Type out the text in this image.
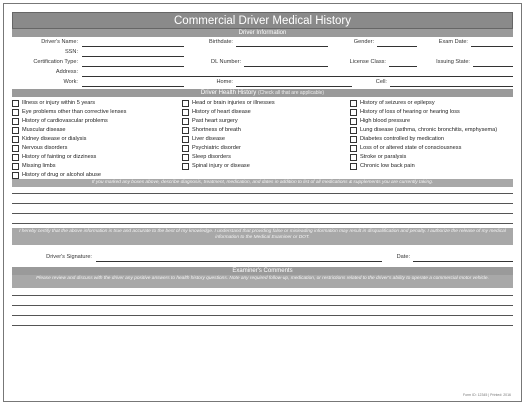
Commercial Driver Medical History
Driver Information
Driver's Name:	Birthdate:	Gender:	Exam Date:
SSN:
Certification Type:	DL Number:	License Class:	Issuing State:
Address:
Work:	Home:	Cell:
Driver Health History (Check all that are applicable)
Illness or injury within 5 years
Eye problems other than corrective lenses
History of cardiovascular problems
Muscular disease
Kidney disease or dialysis
Nervous disorders
History of fainting or dizziness
Missing limbs
History of drug or alcohol abuse
Head or brain injuries or illnesses
History of heart disease
Past heart surgery
Shortness of breath
Liver disease
Psychiatric disorder
Sleep disorders
Spinal injury or disease
History of seizures or epilepsy
History of loss of hearing or hearing loss
High blood pressure
Lung disease (asthma, chronic bronchitis, emphysema)
Diabetes controlled by medication
Loss of or altered state of consciousness
Stroke or paralysis
Chronic low back pain
If you marked any boxes above, describe diagnosis, treatment, medication, and dates in addition to list of all medications & supplements you are currently taking.
I hereby certify that the above information is true and accurate to the best of my knowledge. I understand that providing false or misleading information may result in disqualification and penalty. I authorize the release of my medical information to the Medical Examiner or DOT.
Driver's Signature:	Date:
Examiner's Comments
Please review and discuss with the driver any positive answers to health history questions. Note any required follow-up, medication, or restrictions related to the driver's ability to operate a commercial motor vehicle.
Form ID: 12345 | Printed: 2016
